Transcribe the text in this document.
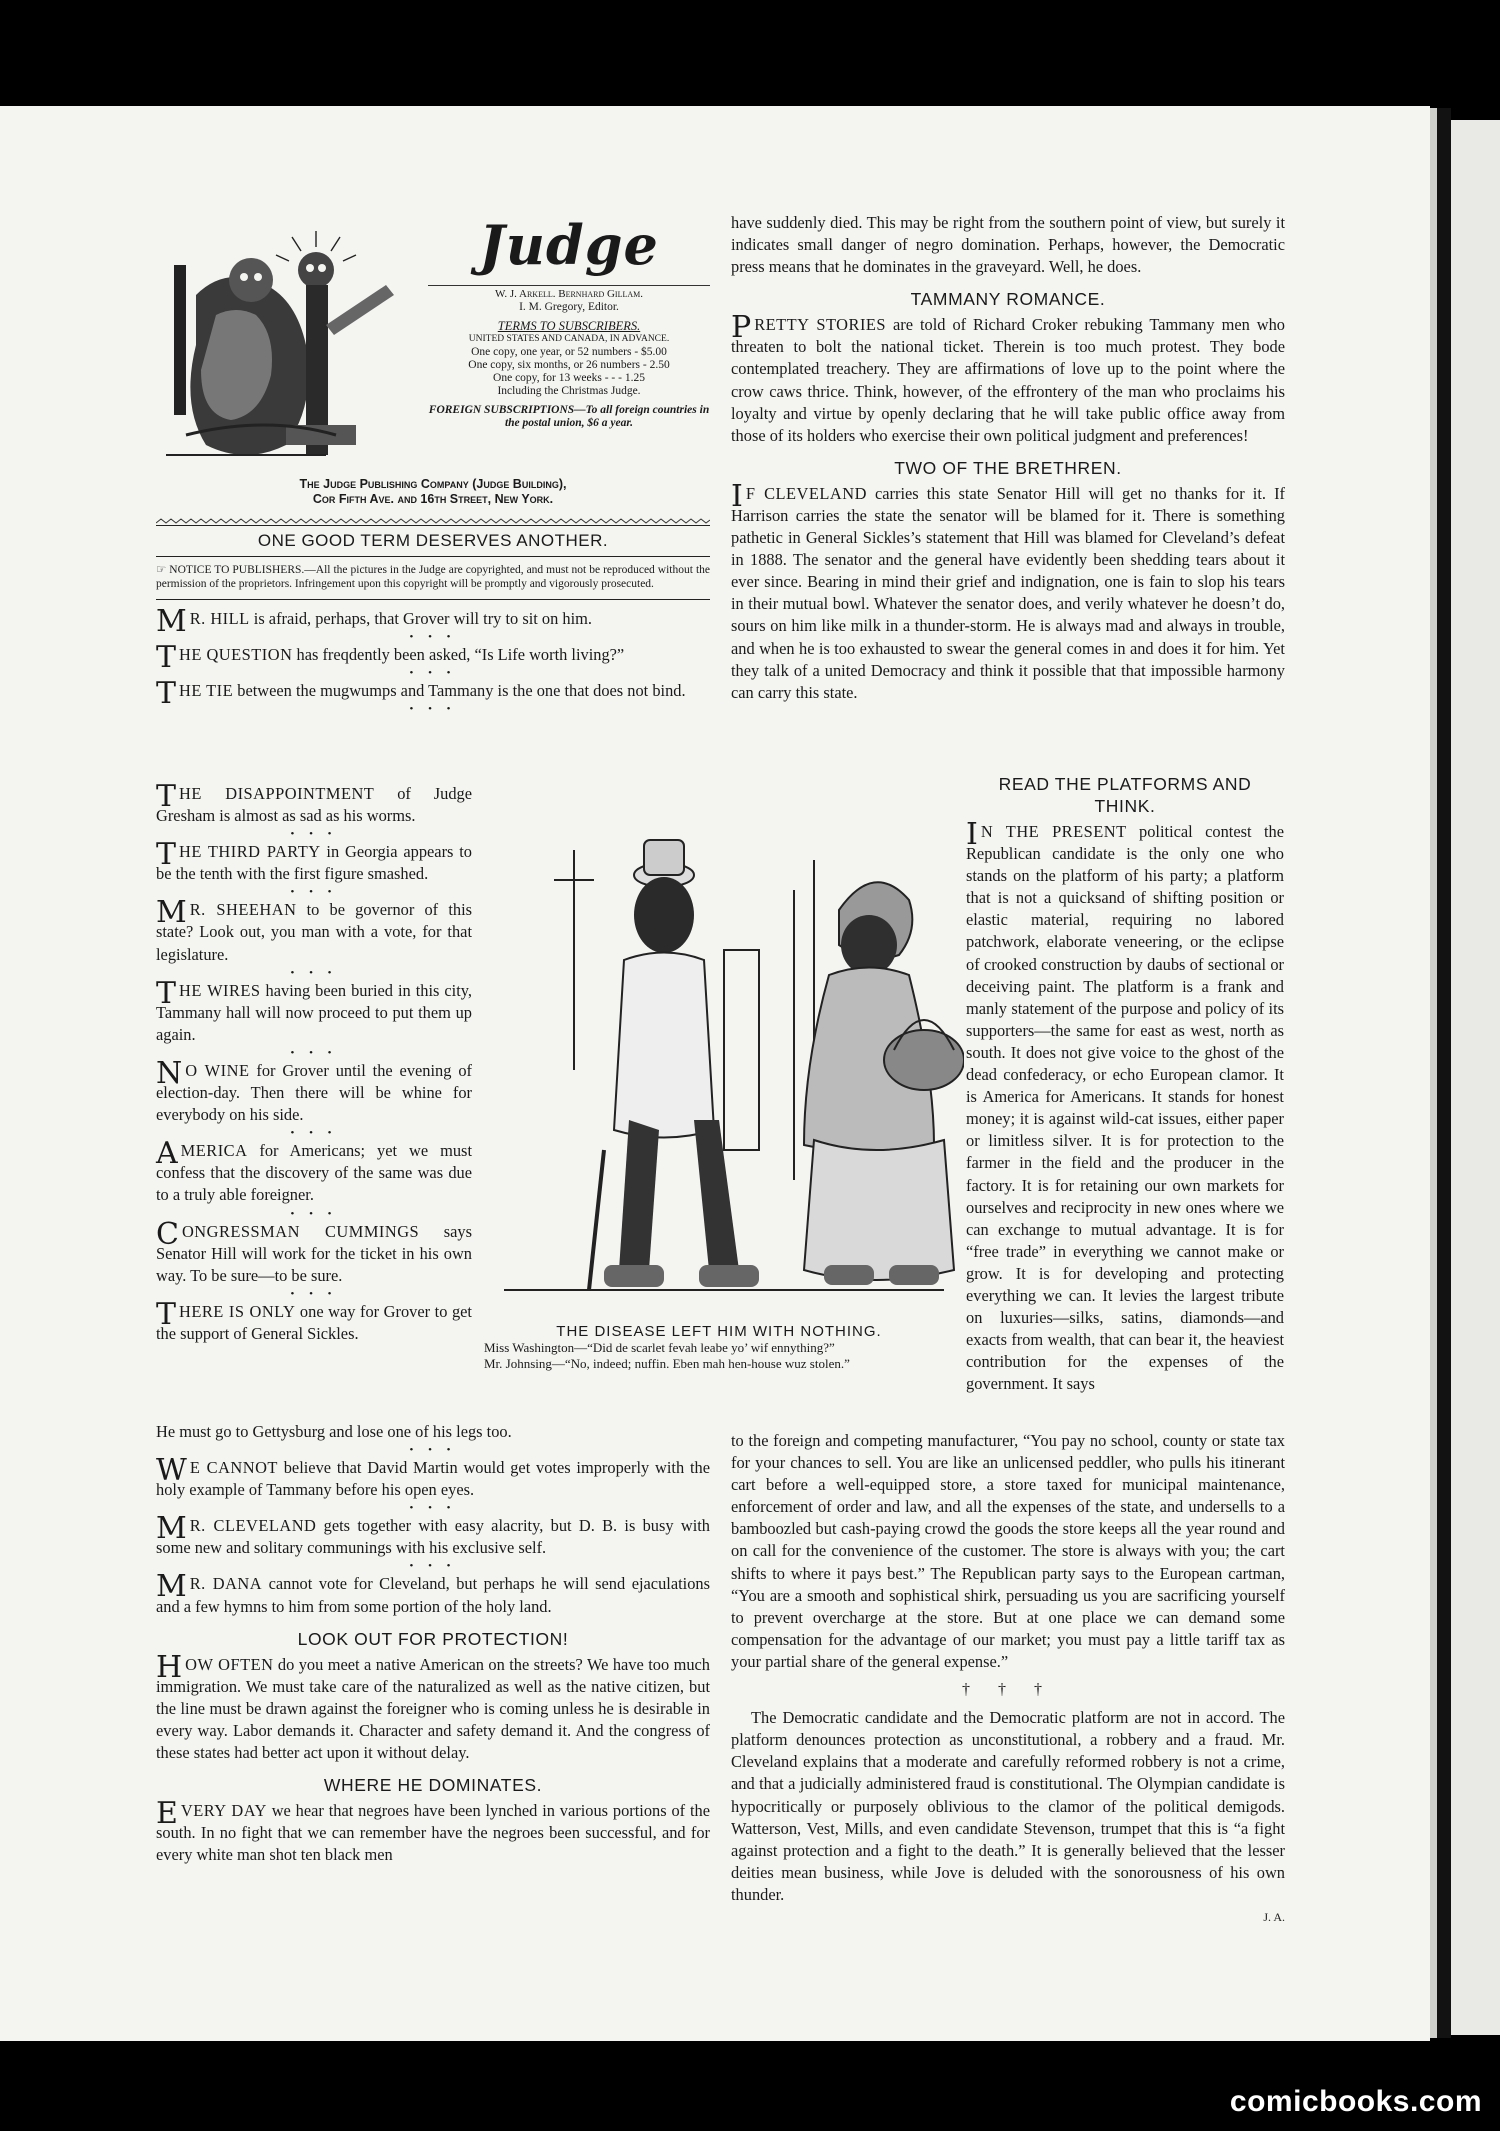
Judge
W. J. Arkell. Bernhard Gillam.
I. M. Gregory, Editor.
TERMS TO SUBSCRIBERS.
UNITED STATES AND CANADA, IN ADVANCE.
One copy, one year, or 52 numbers - $5.00
One copy, six months, or 26 numbers - 2.50
One copy, for 13 weeks - - - 1.25
Including the Christmas Judge.
FOREIGN SUBSCRIPTIONS—To all foreign countries in the postal union, $6 a year.
The Judge Publishing Company (Judge Building),
Cor Fifth Ave. and 16th Street, New York.
ONE GOOD TERM DESERVES ANOTHER.
☞ NOTICE TO PUBLISHERS.—All the pictures in the Judge are copyrighted, and must not be reproduced without the permission of the proprietors. Infringement upon this copyright will be promptly and vigorously prosecuted.

M R. HILL is afraid, perhaps, that Grover will try to sit on him.

• • •

THE QUESTION has freqdently been asked, “Is Life worth living?”

• • •

THE TIE between the mugwumps and Tammany is the one that does not bind.

• • •

THE DISAPPOINTMENT of Judge Gresham is almost as sad as his worms.

• • •

THE THIRD PARTY in Georgia appears to be the tenth with the first figure smashed.

• • •

M R. SHEEHAN to be governor of this state? Look out, you man with a vote, for that legislature.

• • •

THE WIRES having been buried in this city, Tammany hall will now proceed to put them up again.

• • •

N O WINE for Grover until the evening of election-day. Then there will be whine for everybody on his side.

• • •

AMERICA for Americans; yet we must confess that the discovery of the same was due to a truly able foreigner.

• • •

CONGRESSMAN CUMMINGS says Senator Hill will work for the ticket in his own way. To be sure—to be sure.

• • •

THERE IS ONLY one way for Grover to get the support of General Sickles.	THE DISEASE LEFT HIM WITH NOTHING.
Miss Washington—“Did de scarlet fevah leabe yo’ wif ennything?”
Mr. Johnsing—“No, indeed; nuffin. Eben mah hen-house wuz stolen.”

He must go to Gettysburg and lose one of his legs too.

• • •

W E CANNOT believe that David Martin would get votes improperly with the holy example of Tammany before his open eyes.

• • •

M R. CLEVELAND gets together with easy alacrity, but D. B. is busy with some new and solitary communings with his exclusive self.

• • •

M R. DANA cannot vote for Cleveland, but perhaps he will send ejaculations and a few hymns to him from some portion of the holy land.

LOOK OUT FOR PROTECTION!

HOW OFTEN do you meet a native American on the streets? We have too much immigration. We must take care of the naturalized as well as the native citizen, but the line must be drawn against the foreigner who is coming unless he is desirable in every way. Labor demands it. Character and safety demand it. And the congress of these states had better act upon it without delay.

WHERE HE DOMINATES.

EVERY DAY we hear that negroes have been lynched in various portions of the south. In no fight that we can remember have the negroes been successful, and for every white man shot ten black men

have suddenly died. This may be right from the southern point of view, but surely it indicates small danger of negro domination. Perhaps, however, the Democratic press means that he dominates in the graveyard. Well, he does.

TAMMANY ROMANCE.

PRETTY STORIES are told of Richard Croker rebuking Tammany men who threaten to bolt the national ticket. Therein is too much protest. They bode contemplated treachery. They are affirmations of love up to the point where the crow caws thrice. Think, however, of the effrontery of the man who proclaims his loyalty and virtue by openly declaring that he will take public office away from those of its holders who exercise their own political judgment and preferences!

TWO OF THE BRETHREN.

I F CLEVELAND carries this state Senator Hill will get no thanks for it. If Harrison carries the state the senator will be blamed for it. There is something pathetic in General Sickles’s statement that Hill was blamed for Cleveland’s defeat in 1888. The senator and the general have evidently been shedding tears about it ever since. Bearing in mind their grief and indignation, one is fain to slop his tears in their mutual bowl. Whatever the senator does, and verily whatever he doesn’t do, sours on him like milk in a thunder-storm. He is always mad and always in trouble, and when he is too exhausted to swear the general comes in and does it for him. Yet they talk of a united Democracy and think it possible that that impossible harmony can carry this state.

READ THE PLATFORMS AND THINK.

I N THE PRESENT political contest the Republican candidate is the only one who stands on the platform of his party; a platform that is not a quicksand of shifting position or elastic material, requiring no labored patchwork, elaborate veneering, or the eclipse of crooked construction by daubs of sectional or deceiving paint. The platform is a frank and manly statement of the purpose and policy of its supporters—the same for east as west, north as south. It does not give voice to the ghost of the dead confederacy, or echo European clamor. It is America for Americans. It stands for honest money; it is against wild-cat issues, either paper or limitless silver. It is for protection to the farmer in the field and the producer in the factory. It is for retaining our own markets for ourselves and reciprocity in new ones where we can exchange to mutual advantage. It is for “free trade” in everything we cannot make or grow. It is for developing and protecting everything we can. It levies the largest tribute on luxuries—silks, satins, diamonds—and exacts from wealth, that can bear it, the heaviest contribution for the expenses of the government. It says

to the foreign and competing manufacturer, “You pay no school, county or state tax for your chances to sell. You are like an unlicensed peddler, who pulls his itinerant cart before a well-equipped store, a store taxed for municipal maintenance, enforcement of order and law, and all the expenses of the state, and undersells to a bamboozled but cash-paying crowd the goods the store keeps all the year round and on call for the convenience of the customer. The store is always with you; the cart shifts to where it pays best.” The Republican party says to the European cartman, “You are a smooth and sophistical shirk, persuading us you are sacrificing yourself to prevent overcharge at the store. But at one place we can demand some compensation for the advantage of our market; you must pay a little tariff tax as your partial share of the general expense.”

† † †

The Democratic candidate and the Democratic platform are not in accord. The platform denounces protection as unconstitutional, a robbery and a fraud. Mr. Cleveland explains that a moderate and carefully reformed robbery is not a crime, and that a judicially administered fraud is constitutional. The Olympian candidate is hypocritically or purposely oblivious to the clamor of the political demigods. Watterson, Vest, Mills, and even candidate Stevenson, trumpet that this is “a fight against protection and a fight to the death.” It is generally believed that the lesser deities mean business, while Jove is deluded with the sonorousness of his own thunder.

J. A.
comicbooks.com
